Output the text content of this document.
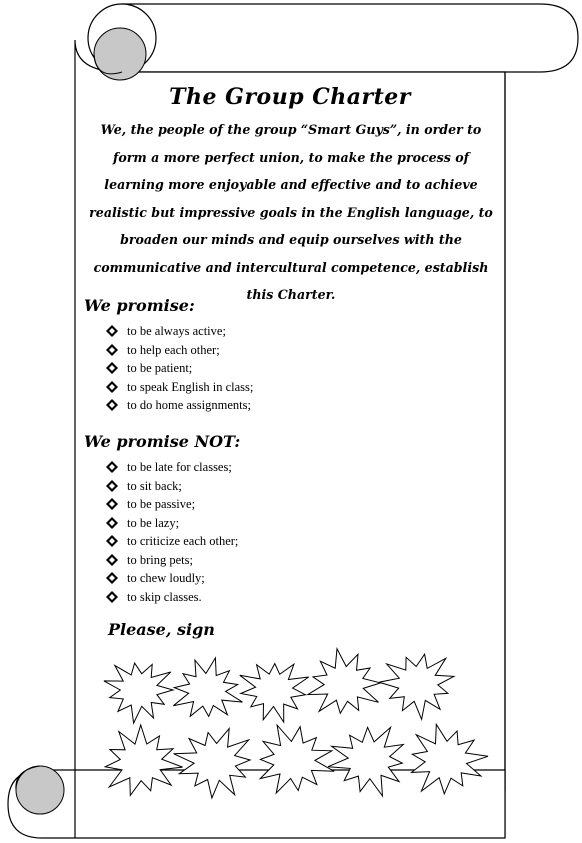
The Group Charter
We, the people of the group “Smart Guys”, in order to form a more perfect union, to make the process of learning more enjoyable and effective and to achieve realistic but impressive goals in the English language, to broaden our minds and equip ourselves with the communicative and intercultural competence, establish this Charter.
We promise:
to be always active;
to help each other;
to be patient;
to speak English in class;
to do home assignments;
We promise NOT:
to be late for classes;
to sit back;
to be passive;
to be lazy;
to criticize each other;
to bring pets;
to chew loudly;
to skip classes.
Please, sign
